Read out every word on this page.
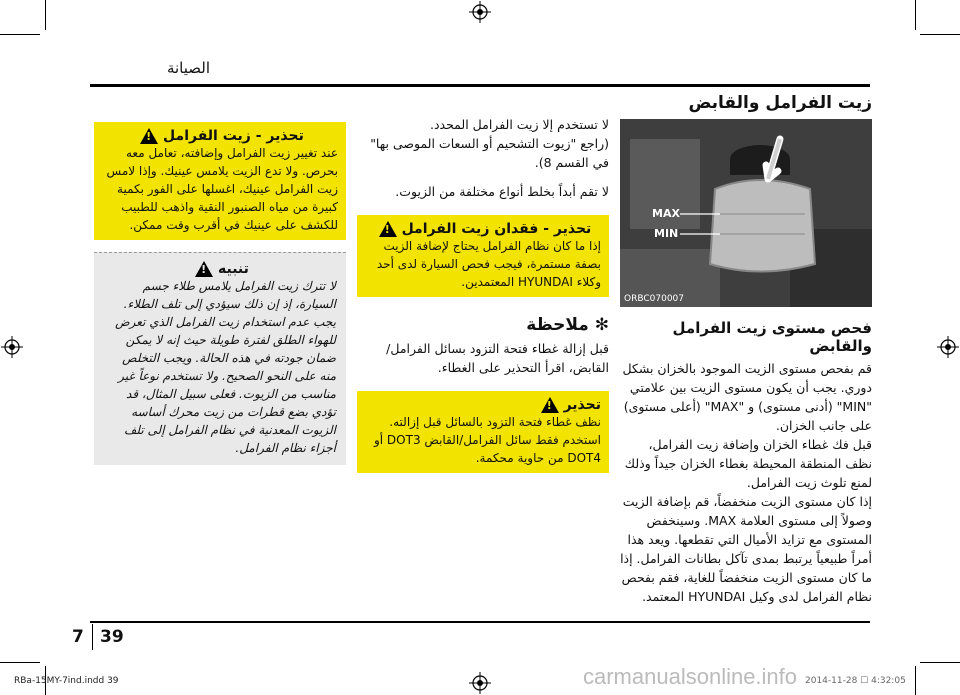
الصيانة
زيت الفرامل والقابض
MAX
MIN
ORBC070007
فحص مستوى زيت الفرامل والقابض
قم بفحص مستوى الزيت الموجود بالخزان بشكل دوري. يجب أن يكون مستوى الزيت بين علامتي "MIN" (أدنى مستوى) و "MAX" (أعلى مستوى) على جانب الخزان.
قبل فك غطاء الخزان وإضافة زيت الفرامل، نظف المنطقة المحيطة بغطاء الخزان جيداً وذلك لمنع تلوث زيت الفرامل.
إذا كان مستوى الزيت منخفضاً، قم بإضافة الزيت وصولاً إلى مستوى العلامة MAX. وسينخفض المستوى مع تزايد الأميال التي تقطعها. ويعد هذا أمراً طبيعياً يرتبط بمدى تآكل بطانات الفرامل. إذا ما كان مستوى الزيت منخفضاً للغاية، فقم بفحص نظام الفرامل لدى وكيل HYUNDAI المعتمد.
لا تستخدم إلا زيت الفرامل المحدد.
(راجع "زيوت التشحيم أو السعات الموصى بها" في القسم 8).
لا تقم أبداً بخلط أنواع مختلفة من الزيوت.
تحذير - فقدان زيت الفرامل !
إذا ما كان نظام الفرامل يحتاج لإضافة الزيت بصفة مستمرة، فيجب فحص السيارة لدى أحد وكلاء HYUNDAI المعتمدين.
✻ ملاحظة
قبل إزالة غطاء فتحة التزود بسائل الفرامل/القابض، اقرأ التحذير على الغطاء.
تحذير !
نظف غطاء فتحة التزود بالسائل قبل إزالته. استخدم فقط سائل الفرامل/القابض DOT3 أو DOT4 من حاوية محكمة.
تحذير - زيت الفرامل !
عند تغيير زيت الفرامل وإضافته، تعامل معه بحرص. ولا تدع الزيت يلامس عينيك. وإذا لامس زيت الفرامل عينيك، اغسلها على الفور بكمية كبيرة من مياه الصنبور النقية واذهب للطبيب للكشف على عينيك في أقرب وقت ممكن.
تنبيه !
لا تترك زيت الفرامل يلامس طلاء جسم السيارة، إذ إن ذلك سيؤدي إلى تلف الطلاء. يجب عدم استخدام زيت الفرامل الذي تعرض للهواء الطلق لفترة طويلة حيث إنه لا يمكن ضمان جودته في هذه الحالة. ويجب التخلص منه على النحو الصحيح. ولا تستخدم نوعاً غير مناسب من الزيوت. فعلى سبيل المثال، قد تؤدي بضع قطرات من زيت محرك أساسه الزيوت المعدنية في نظام الفرامل إلى تلف أجزاء نظام الفرامل.
7 39
RBa-15MY-7ind.indd 39	2014-11-28 ☐ 4:32:05
carmanualsonline.info
